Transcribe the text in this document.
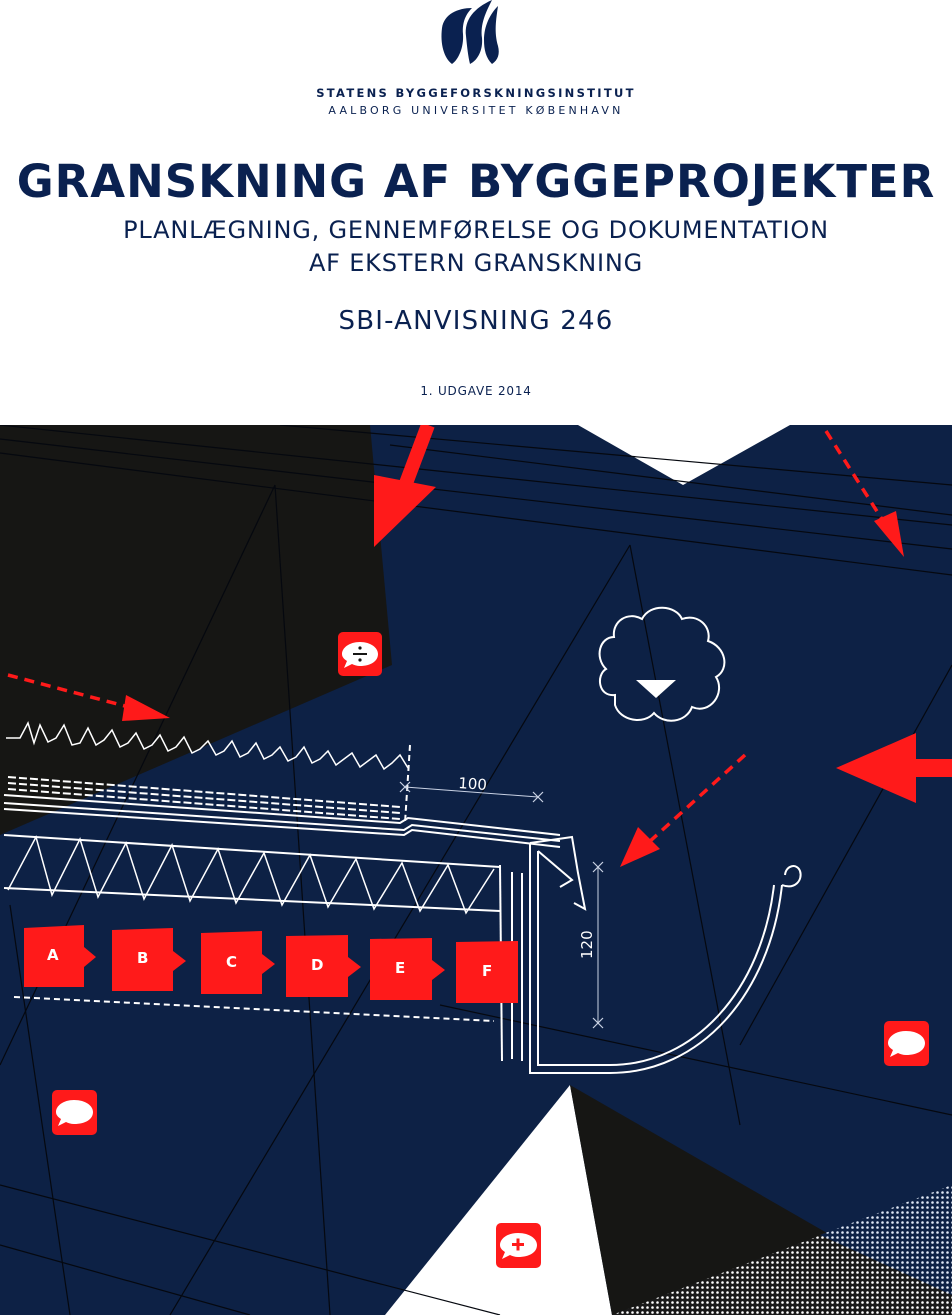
STATENS BYGGEFORSKNINGSINSTITUT
AALBORG UNIVERSITET KØBENHAVN
GRANSKNING AF BYGGEPROJEKTER
PLANLÆGNING, GENNEMFØRELSE OG DOKUMENTATION
AF EKSTERN GRANSKNING
SBI-ANVISNING 246
1. UDGAVE 2014
100
120
A	B	C	D	E	F
